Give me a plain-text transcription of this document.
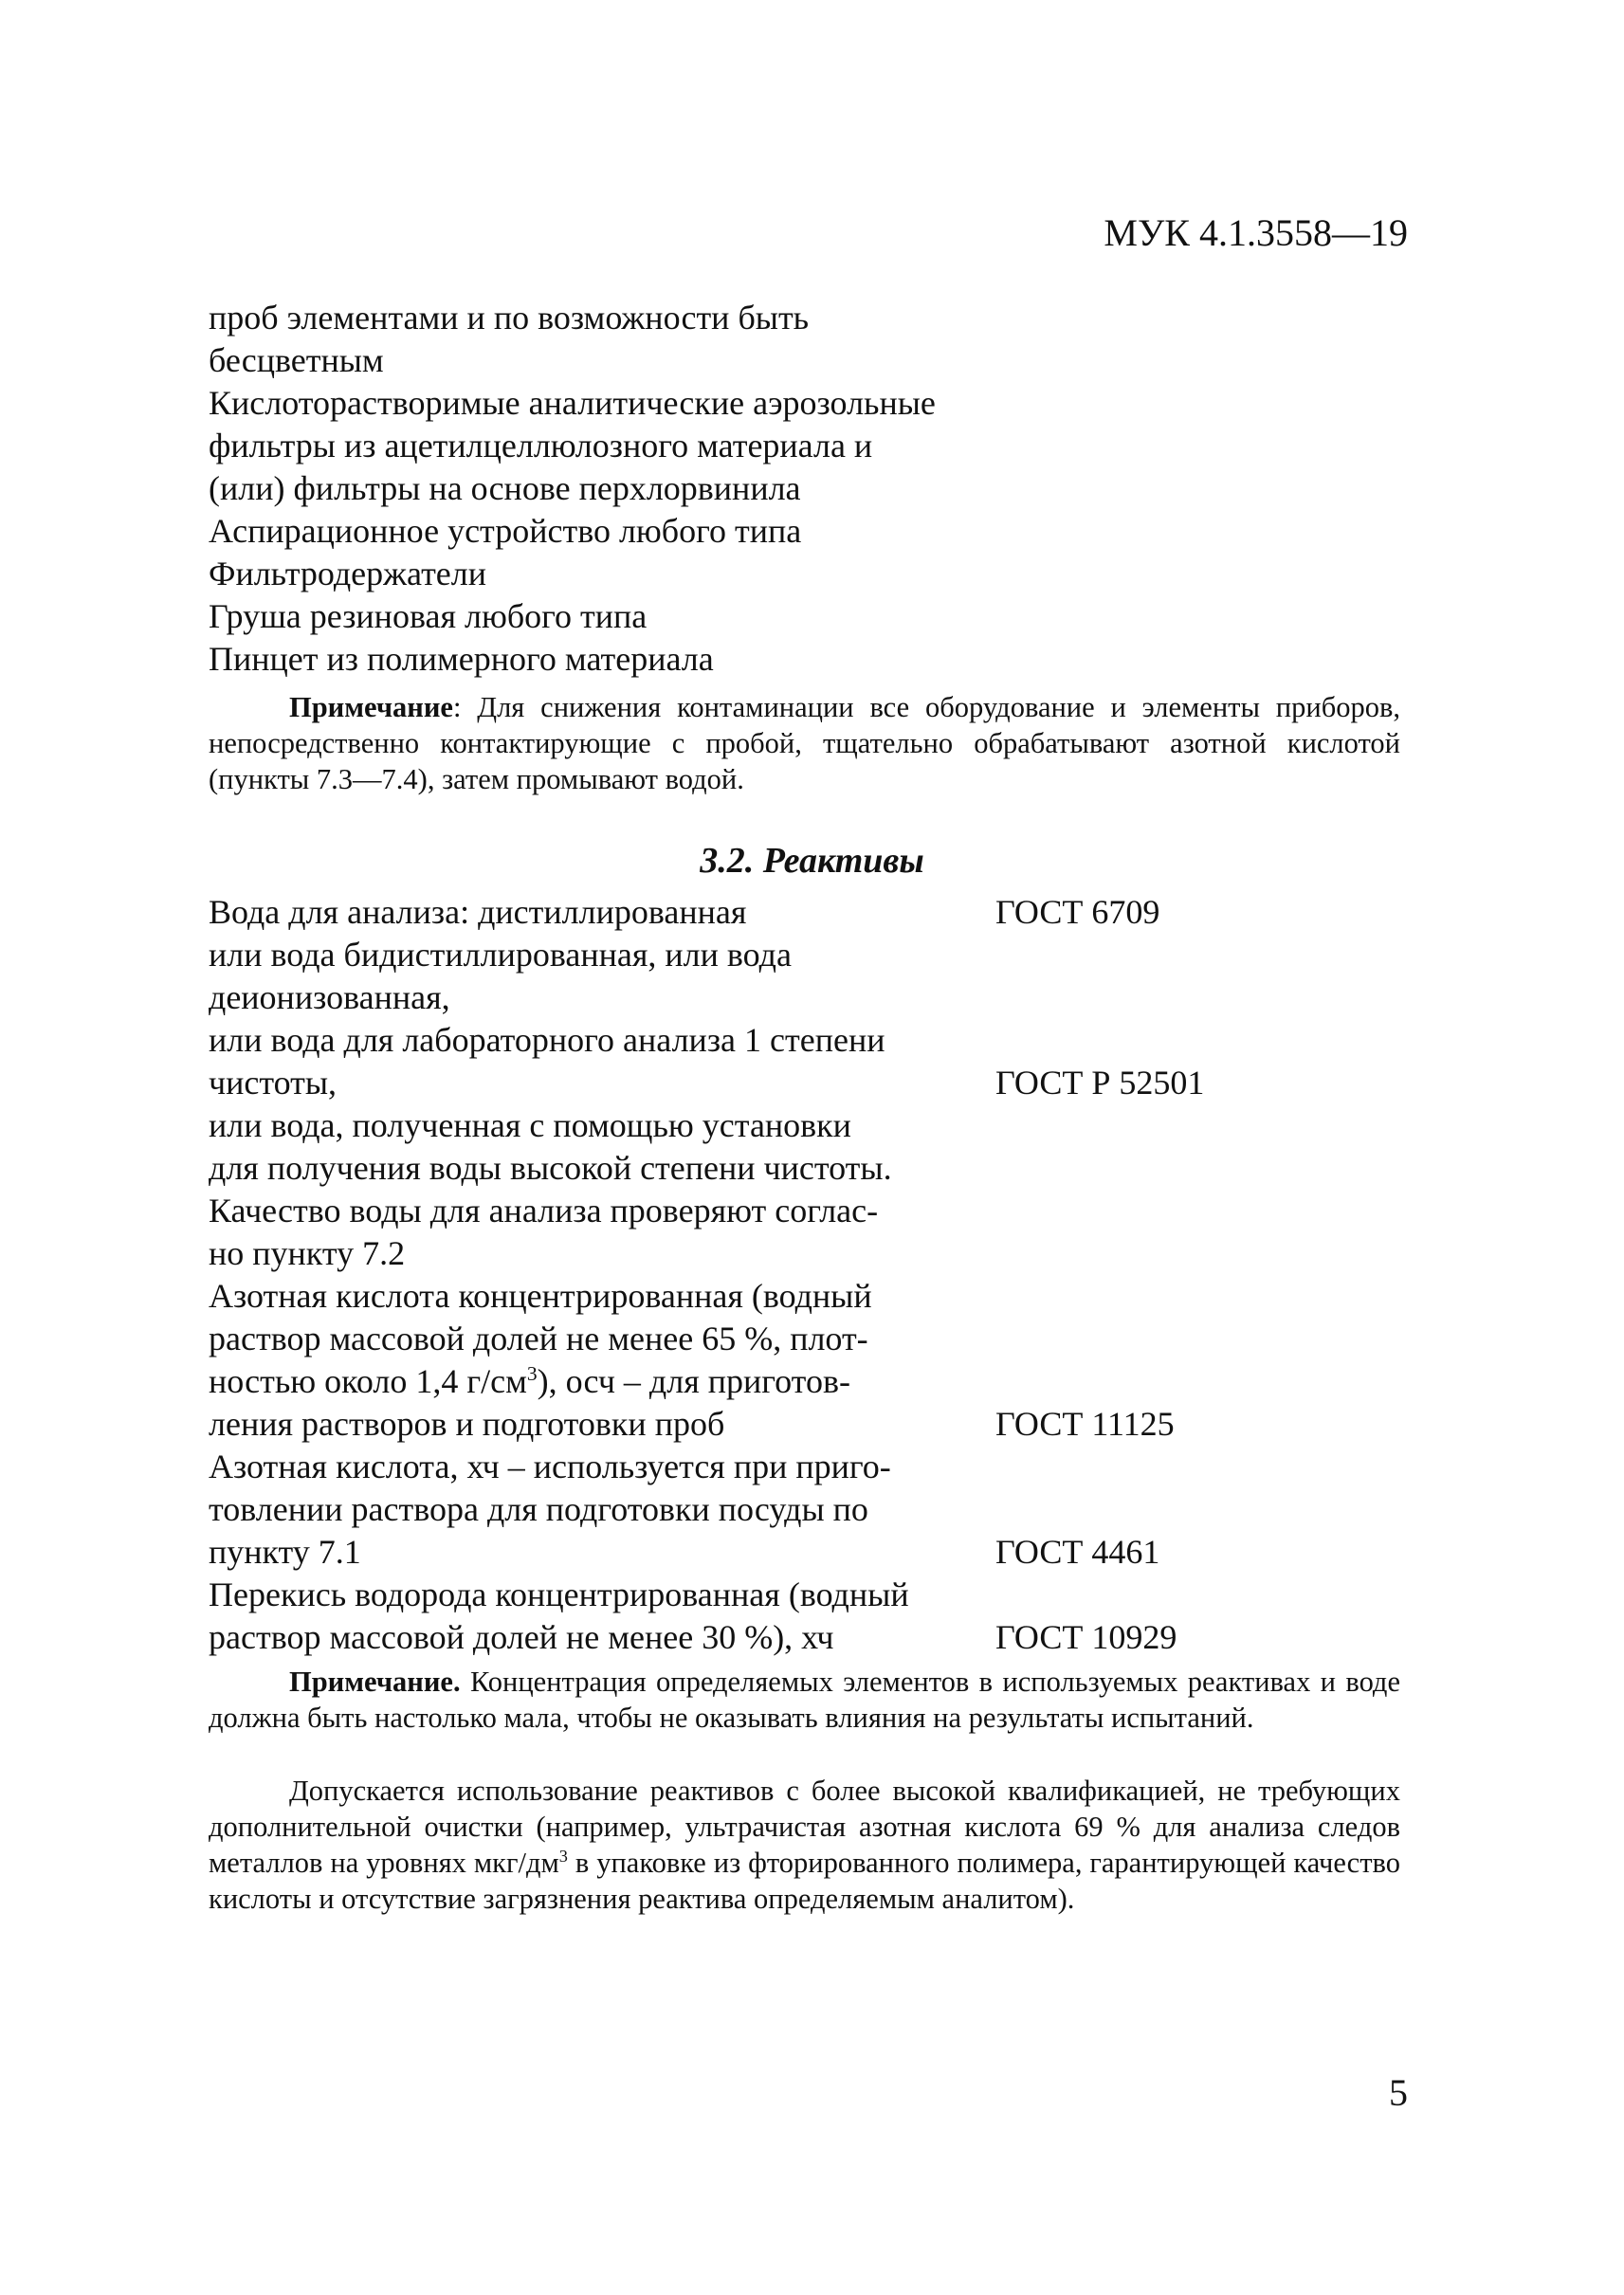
МУК 4.1.3558—19
проб элементами и по возможности быть
бесцветным
Кислоторастворимые аналитические аэрозольные
фильтры из ацетилцеллюлозного материала и
(или) фильтры на основе перхлорвинила
Аспирационное устройство любого типа
Фильтродержатели
Груша резиновая любого типа
Пинцет из полимерного материала

Примечание: Для снижения контаминации все оборудование и элементы приборов, непосредственно контактирующие с пробой, тщательно обрабатывают азотной кислотой (пункты 7.3—7.4), затем промывают водой.

3.2. Реактивы
Вода для анализа: дистиллированная	ГОСТ 6709
или вода бидистиллированная, или вода
деионизованная,
или вода для лабораторного анализа 1 степени
чистоты,	ГОСТ Р 52501
или вода, полученная с помощью установки
для получения воды высокой степени чистоты.
Качество воды для анализа проверяют соглас-
но пункту 7.2
Азотная кислота концентрированная (водный
раствор массовой долей не менее 65 %, плот-
ностью около 1,4 $г/см^3$), осч – для приготов-
ления растворов и подготовки проб	ГОСТ 11125
Азотная кислота, хч – используется при приго-
товлении раствора для подготовки посуды по
пункту 7.1	ГОСТ 4461
Перекись водорода концентрированная (водный
раствор массовой долей не менее 30 %), хч	ГОСТ 10929

Примечание. Концентрация определяемых элементов в используемых реактивах и воде должна быть настолько мала, чтобы не оказывать влияния на результаты испытаний.

Допускается использование реактивов с более высокой квалификацией, не требующих дополнительной очистки (например, ультрачистая азотная кислота 69 % для анализа следов металлов на уровнях мкг/$дм^3$ в упаковке из фторированного полимера, гарантирующей качество кислоты и отсутствие загрязнения реактива определяемым аналитом).

5
